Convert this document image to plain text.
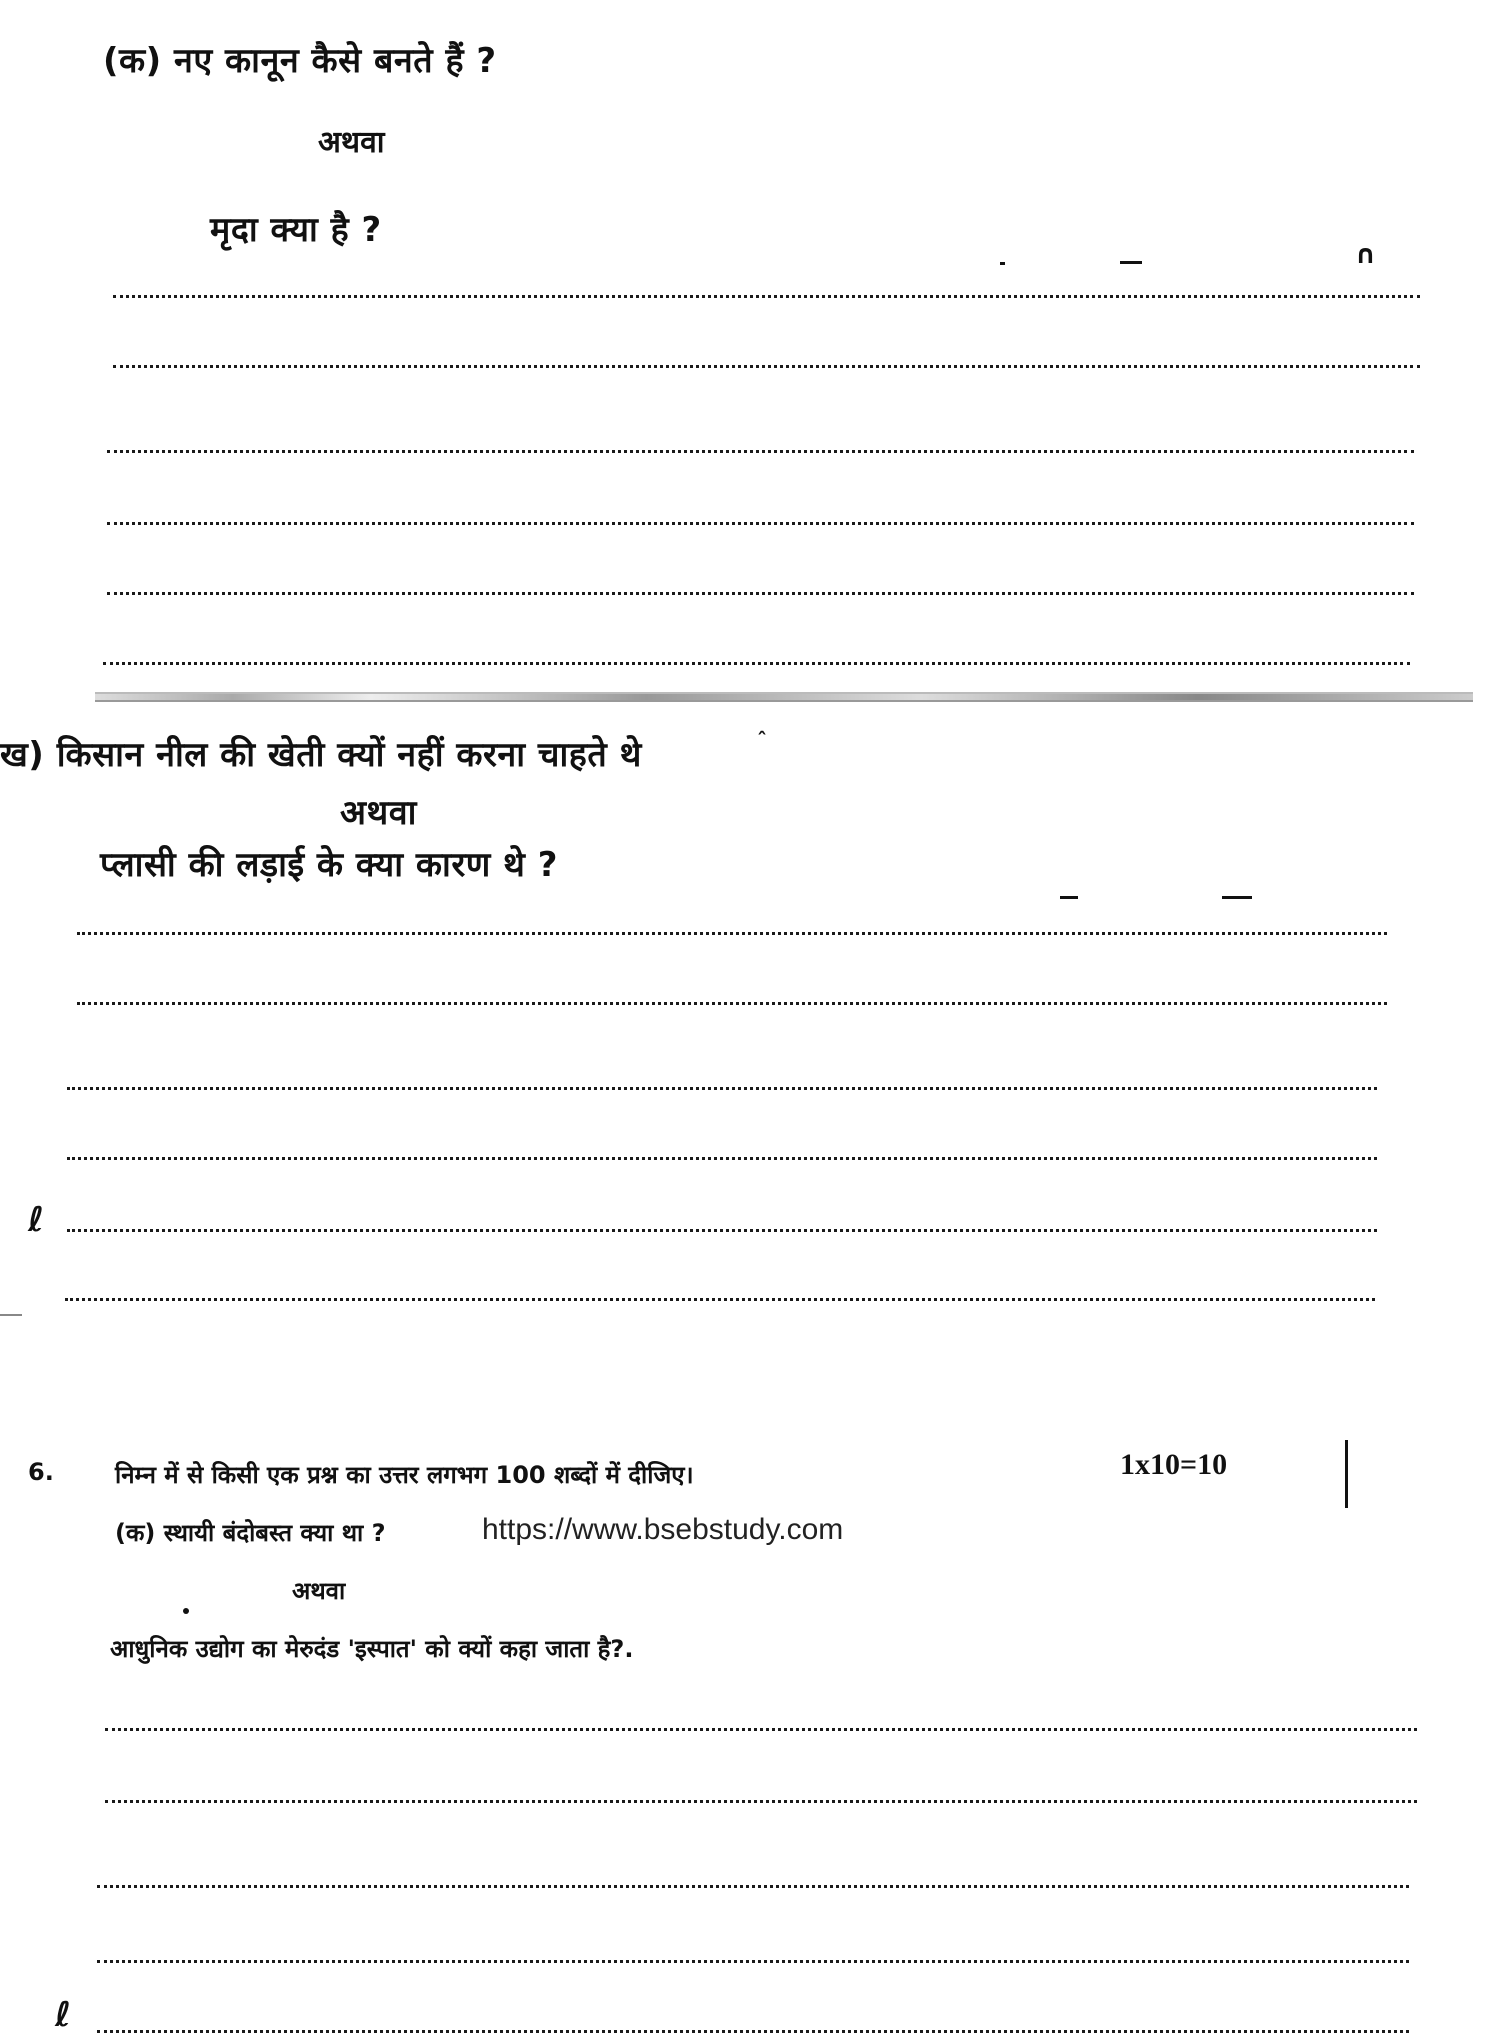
(क) नए कानून कैसे बनते हैं ?
अथवा
मृदा क्या है ?
∩
ख) किसान नील की खेती क्यों नहीं करना चाहते थे	ˆ
अथवा
प्लासी की लड़ाई के क्या कारण थे ?
ℓ
6.	निम्न में से किसी एक प्रश्न का उत्तर लगभग 100 शब्दों में दीजिए।	1x10=10
(क) स्थायी बंदोबस्त क्या था ?	https://www.bsebstudy.com
अथवा
आधुनिक उद्योग का मेरुदंड 'इस्पात' को क्यों कहा जाता है?.
ℓ
